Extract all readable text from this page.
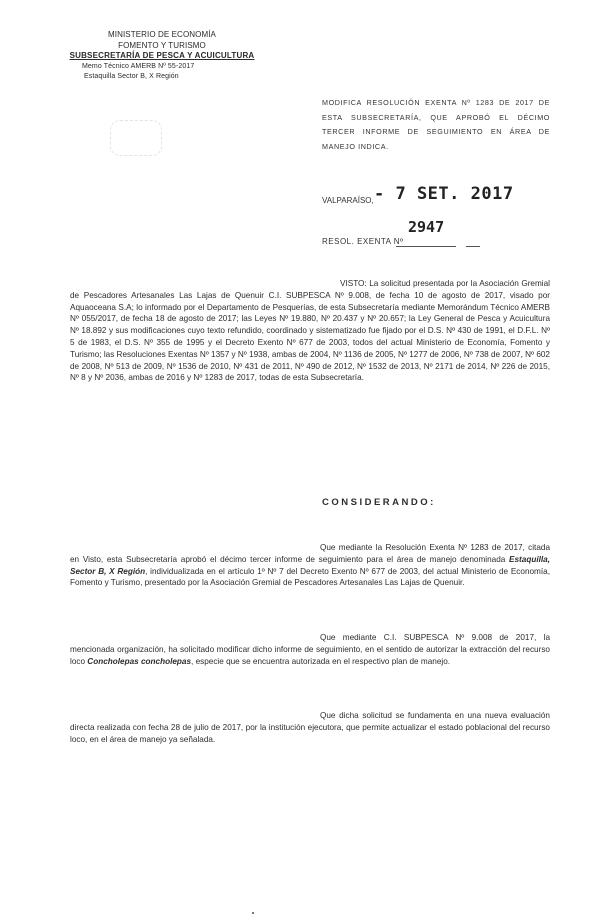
MINISTERIO DE ECONOMÍA
FOMENTO Y TURISMO
SUBSECRETARÍA DE PESCA Y ACUICULTURA
Memo Técnico AMERB Nº 55-2017
Estaquilla Sector B, X Región
MODIFICA RESOLUCIÓN EXENTA Nº 1283 DE 2017 DE ESTA SUBSECRETARÍA, QUE APROBÓ EL DÉCIMO TERCER INFORME DE SEGUIMIENTO EN ÁREA DE MANEJO INDICA.
VALPARAÍSO, - 7 SET. 2017
2947
RESOL. EXENTA Nº

VISTO: La solicitud presentada por la Asociación Gremial de Pescadores Artesanales Las Lajas de Quenuir C.I. SUBPESCA Nº 9.008, de fecha 10 de agosto de 2017, visado por Aquaoceana S.A; lo informado por el Departamento de Pesquerías, de esta Subsecretaría mediante Memorándum Técnico AMERB Nº 055/2017, de fecha 18 de agosto de 2017; las Leyes Nº 19.880, Nº 20.437 y Nº 20.657; la Ley General de Pesca y Acuicultura Nº 18.892 y sus modificaciones cuyo texto refundido, coordinado y sistematizado fue fijado por el D.S. Nº 430 de 1991, el D.F.L. Nº 5 de 1983, el D.S. Nº 355 de 1995 y el Decreto Exento Nº 677 de 2003, todos del actual Ministerio de Economía, Fomento y Turismo; las Resoluciones Exentas Nº 1357 y Nº 1938, ambas de 2004, Nº 1136 de 2005, Nº 1277 de 2006, Nº 738 de 2007, Nº 602 de 2008, Nº 513 de 2009, Nº 1536 de 2010, Nº 431 de 2011, Nº 490 de 2012, Nº 1532 de 2013, Nº 2171 de 2014, Nº 226 de 2015, Nº 8 y Nº 2036, ambas de 2016 y Nº 1283 de 2017, todas de esta Subsecretaría.

CONSIDERANDO:

Que mediante la Resolución Exenta Nº 1283 de 2017, citada en Visto, esta Subsecretaría aprobó el décimo tercer informe de seguimiento para el área de manejo denominada Estaquilla, Sector B, X Región, individualizada en el artículo 1º Nº 7 del Decreto Exento Nº 677 de 2003, del actual Ministerio de Economía, Fomento y Turismo, presentado por la Asociación Gremial de Pescadores Artesanales Las Lajas de Quenuir.

Que mediante C.I. SUBPESCA Nº 9.008 de 2017, la mencionada organización, ha solicitado modificar dicho informe de seguimiento, en el sentido de autorizar la extracción del recurso loco Concholepas concholepas, especie que se encuentra autorizada en el respectivo plan de manejo.

Que dicha solicitud se fundamenta en una nueva evaluación directa realizada con fecha 28 de julio de 2017, por la institución ejecutora, que permite actualizar el estado poblacional del recurso loco, en el área de manejo ya señalada.
